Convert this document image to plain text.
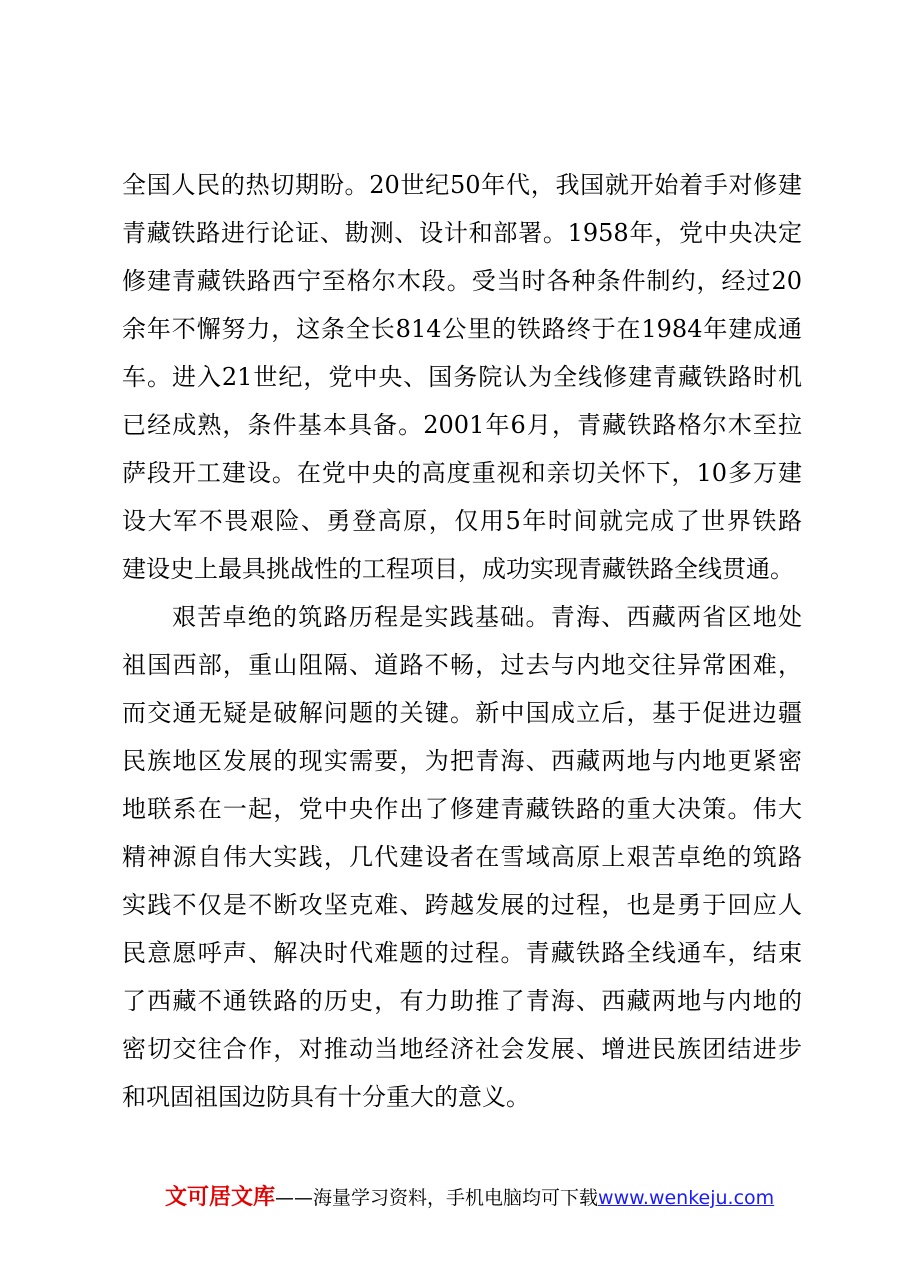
全国人民的热切期盼。20世纪50年代，我国就开始着手对修建
青藏铁路进行论证、勘测、设计和部署。1958年，党中央决定
修建青藏铁路西宁至格尔木段。受当时各种条件制约，经过20
余年不懈努力，这条全长814公里的铁路终于在1984年建成通
车。进入21世纪，党中央、国务院认为全线修建青藏铁路时机
已经成熟，条件基本具备。2001年6月，青藏铁路格尔木至拉
萨段开工建设。在党中央的高度重视和亲切关怀下，10多万建
设大军不畏艰险、勇登高原，仅用5年时间就完成了世界铁路
建设史上最具挑战性的工程项目，成功实现青藏铁路全线贯通。
艰苦卓绝的筑路历程是实践基础。青海、西藏两省区地处
祖国西部，重山阻隔、道路不畅，过去与内地交往异常困难，
而交通无疑是破解问题的关键。新中国成立后，基于促进边疆
民族地区发展的现实需要，为把青海、西藏两地与内地更紧密
地联系在一起，党中央作出了修建青藏铁路的重大决策。伟大
精神源自伟大实践，几代建设者在雪域高原上艰苦卓绝的筑路
实践不仅是不断攻坚克难、跨越发展的过程，也是勇于回应人
民意愿呼声、解决时代难题的过程。青藏铁路全线通车，结束
了西藏不通铁路的历史，有力助推了青海、西藏两地与内地的
密切交往合作，对推动当地经济社会发展、增进民族团结进步
和巩固祖国边防具有十分重大的意义。
文可居文库——海量学习资料，手机电脑均可下载www.wenkeju.com
